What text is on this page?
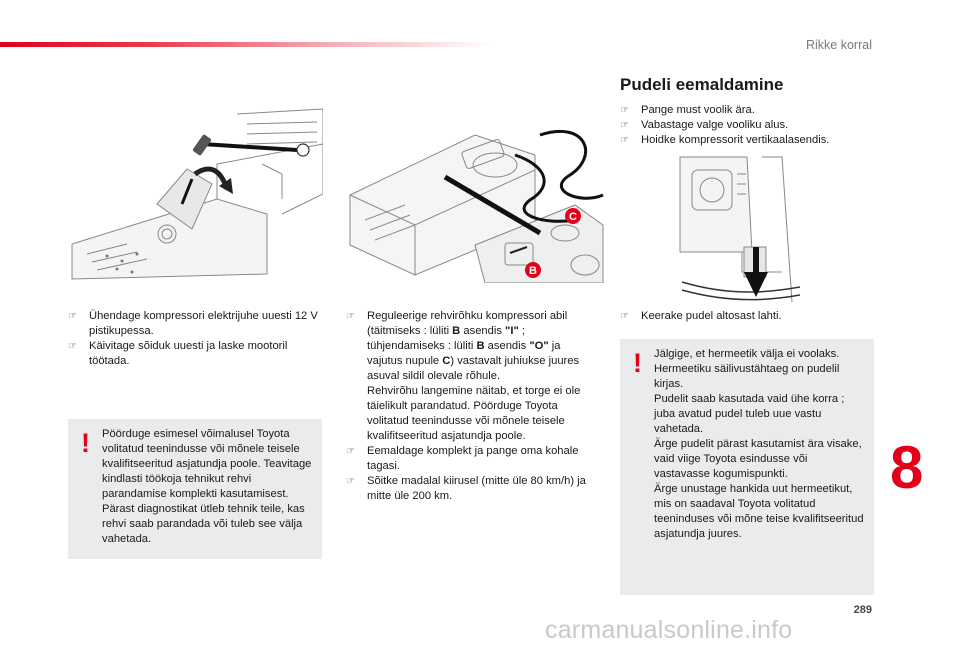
Rikke korral
C
B
Pudeli eemaldamine
☞ Pange must voolik ära.
☞ Vabastage valge vooliku alus.
☞ Hoidke kompressorit vertikaalasendis.
☞ Ühendage kompressori elektrijuhe uuesti 12 V pistikupessa.
☞ Käivitage sõiduk uuesti ja laske mootoril töötada.
! Pöörduge esimesel võimalusel Toyota volitatud teenindusse või mõnele teisele kvalifitseeritud asjatundja poole. Teavitage kindlasti töökoja tehnikut rehvi parandamise komplekti kasutamisest. Pärast diagnostikat ütleb tehnik teile, kas rehvi saab parandada või tuleb see välja vahetada.
☞ Reguleerige rehvirõhku kompressori abil (täitmiseks : lüliti B asendis "I" ; tühjendamiseks : lüliti B asendis "O" ja vajutus nupule C) vastavalt juhiukse juures asuval sildil olevale rõhule.
Rehvirõhu langemine näitab, et torge ei ole täielikult parandatud. Pöörduge Toyota volitatud teenindusse või mõnele teisele kvalifitseeritud asjatundja poole.
☞ Eemaldage komplekt ja pange oma kohale tagasi.
☞ Sõitke madalal kiirusel (mitte üle 80 km/h) ja mitte üle 200 km.
☞ Keerake pudel altosast lahti.
! Jälgige, et hermeetik välja ei voolaks. Hermeetiku säilivustähtaeg on pudelil kirjas.
Pudelit saab kasutada vaid ühe korra ; juba avatud pudel tuleb uue vastu vahetada.
Ärge pudelit pärast kasutamist ära visake, vaid viige Toyota esindusse või vastavasse kogumispunkti.
Ärge unustage hankida uut hermeetikut, mis on saadaval Toyota volitatud teeninduses või mõne teise kvalifitseeritud asjatundja juures.
8
289
carmanualsonline.info
